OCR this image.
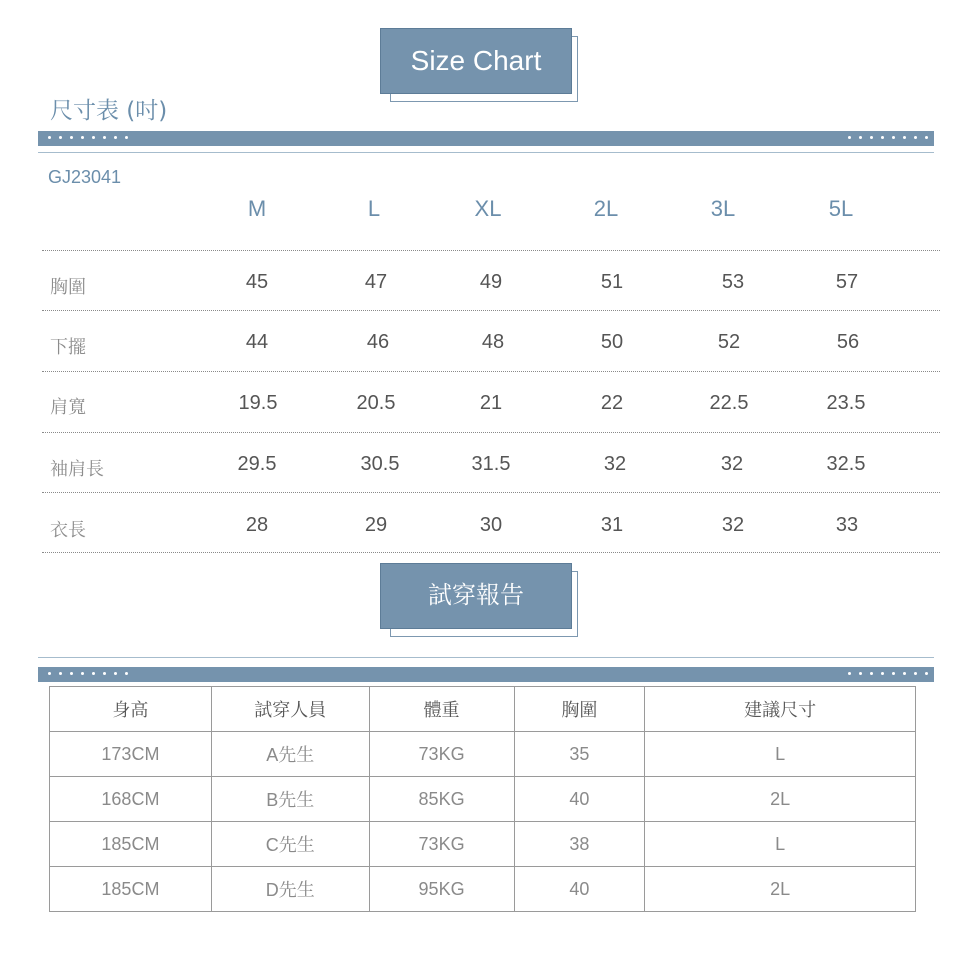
Size Chart
尺寸表 (吋)
GJ23041
M	L	XL	2L	3L	5L
胸圍	45	47	49	51	53	57
下擺	44	46	48	50	52	56
肩寬	19.5	20.5	21	22	22.5	23.5
袖肩長	29.5	30.5	31.5	32	32	32.5
衣長	28	29	30	31	32	33
試穿報告
身高	試穿人員	體重	胸圍	建議尺寸
173CM	A先生	73KG	35	L
168CM	B先生	85KG	40	2L
185CM	C先生	73KG	38	L
185CM	D先生	95KG	40	2L
